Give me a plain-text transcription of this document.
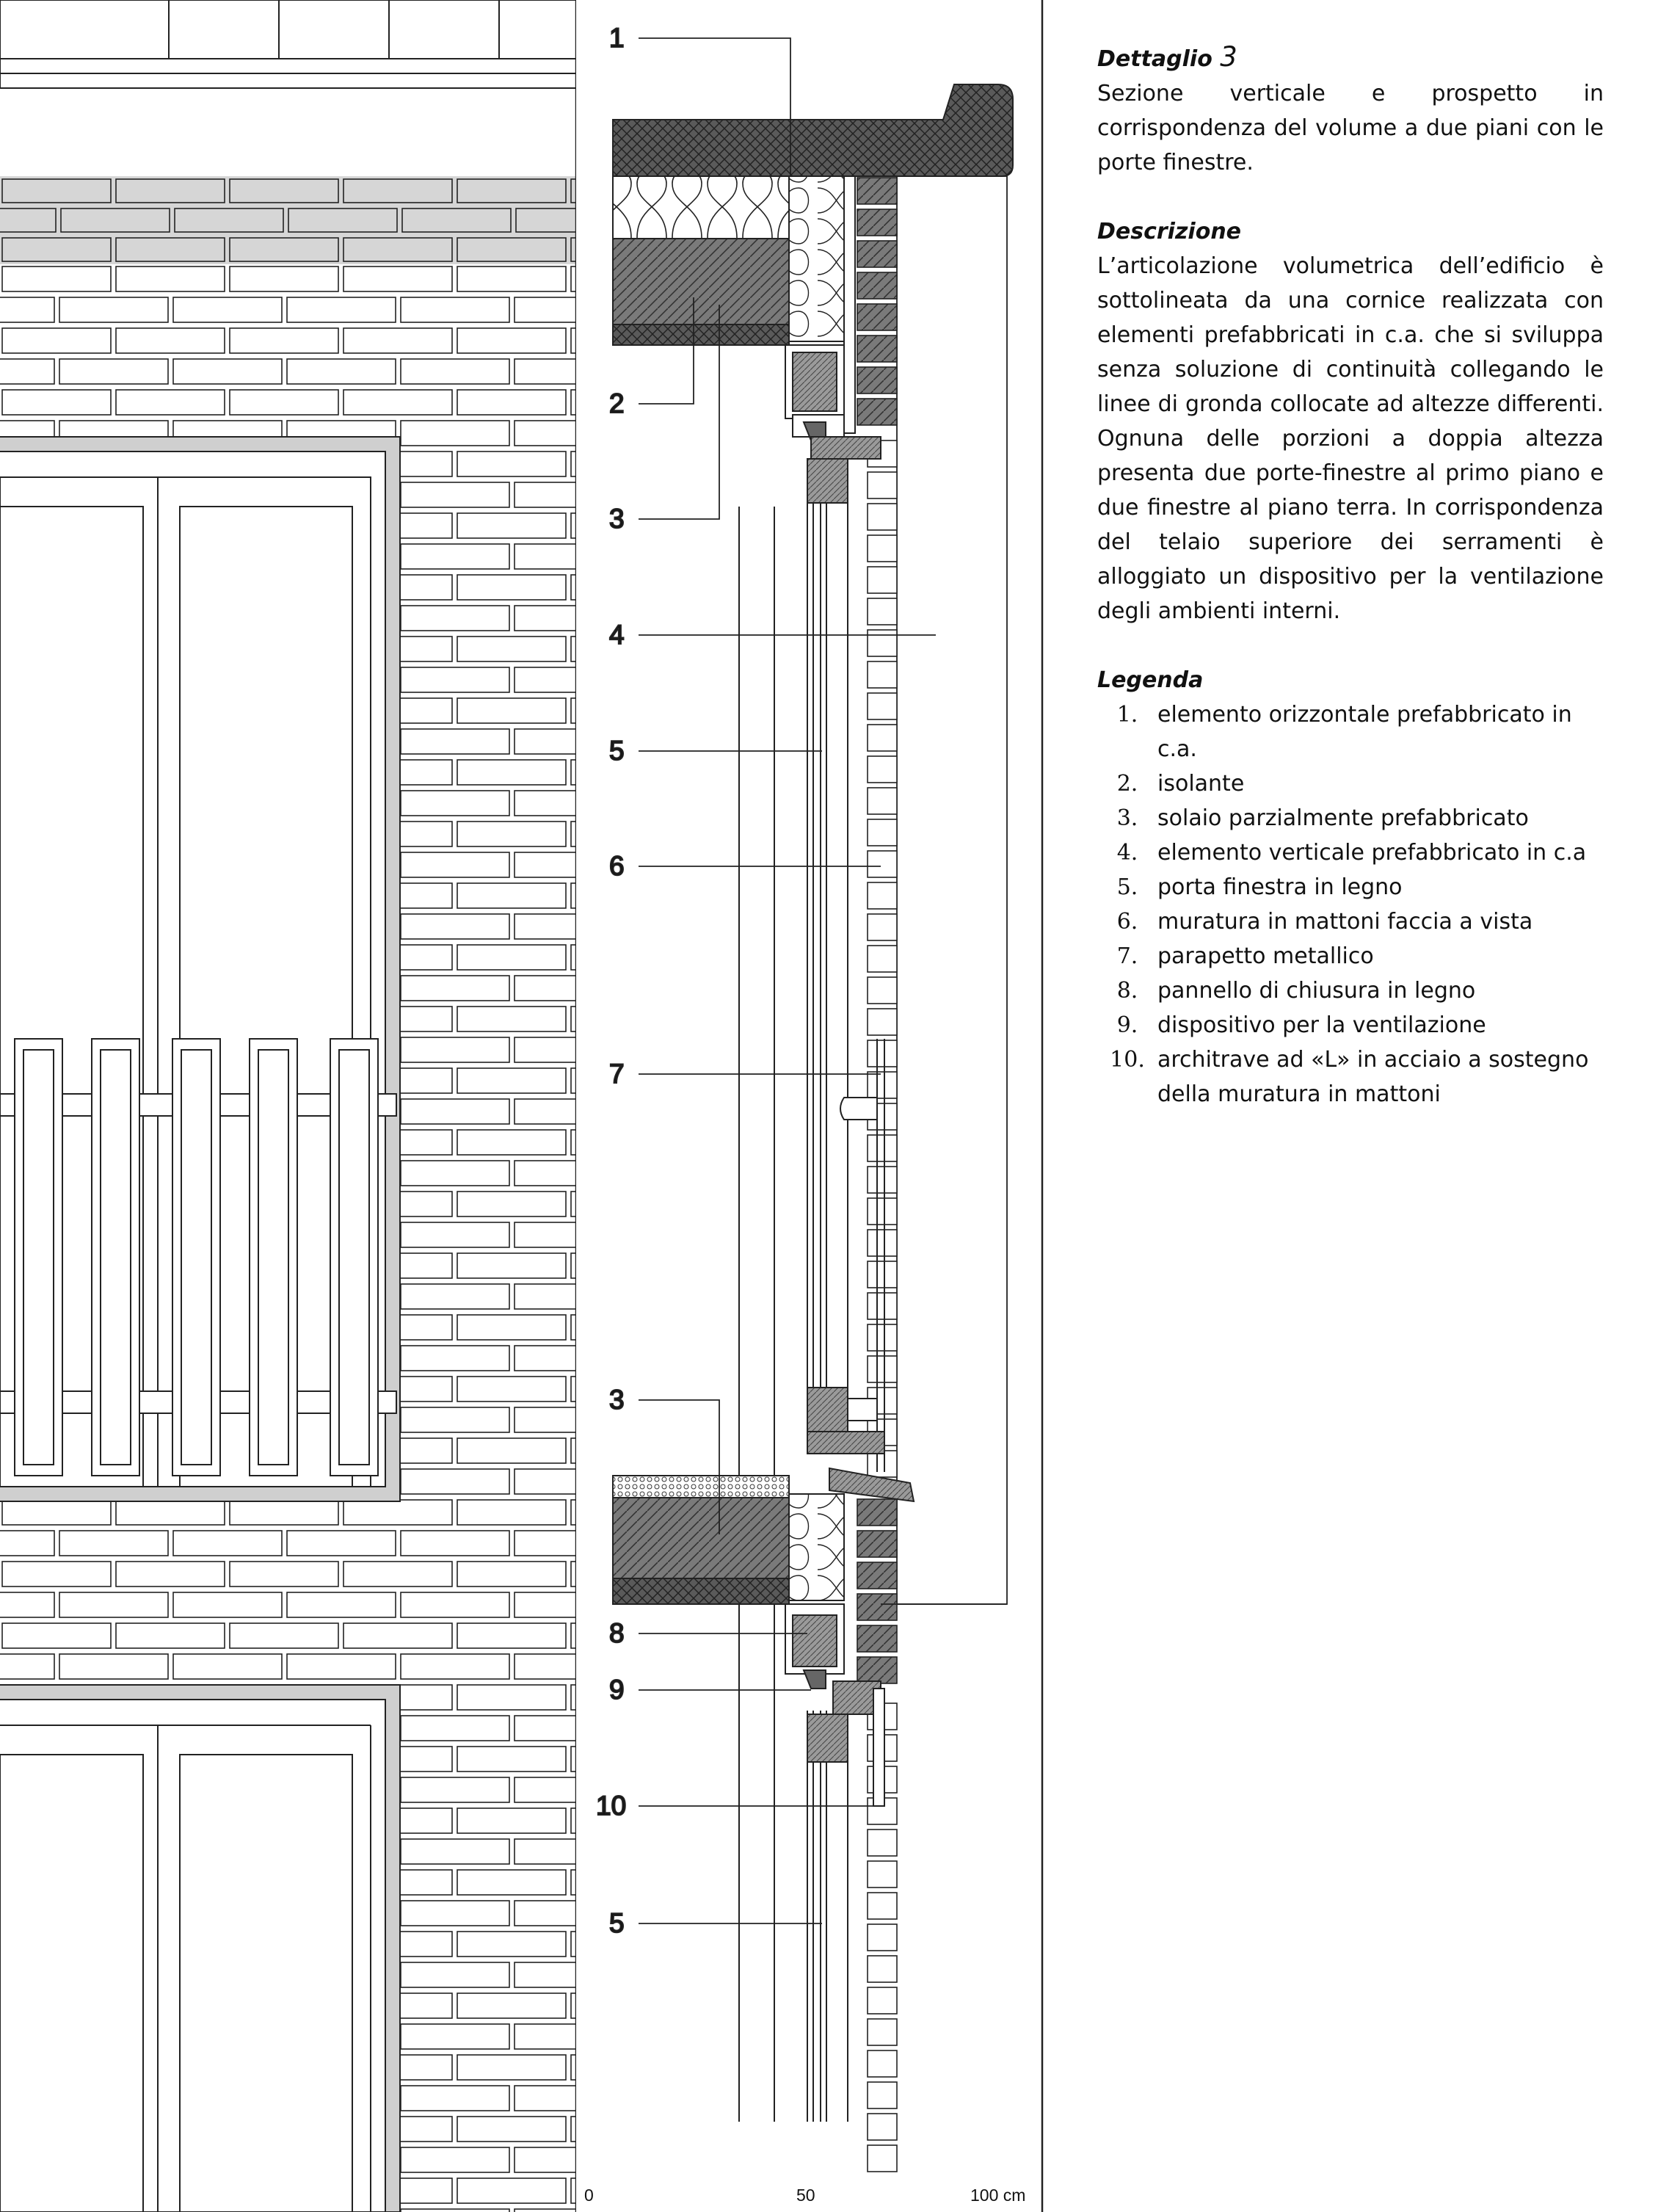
1
2
3
4
5
6
7
3
8
9
10
5
0	50	100 cm

Dettaglio 3

Sezione verticale e prospetto in corrispondenza del volume a due piani con le porte finestre.

Descrizione

L’articolazione volumetrica dell’edificio è sottolineata da una cornice realizzata con elementi prefabbricati in c.a. che si sviluppa senza soluzione di continuità collegando le linee di gronda collocate ad altezze differenti. Ognuna delle porzioni a doppia altezza presenta due porte-finestre al primo piano e due finestre al piano terra. In corrispondenza del telaio superiore dei serramenti è alloggiato un dispositivo per la ventilazione degli ambienti interni.

Legenda

1. elemento orizzontale prefabbricato in c.a.
2. isolante
3. solaio parzialmente prefabbricato
4. elemento verticale prefabbricato in c.a
5. porta finestra in legno
6. muratura in mattoni faccia a vista
7. parapetto metallico
8. pannello di chiusura in legno
9. dispositivo per la ventilazione
10. architrave ad «L» in acciaio a sostegno della muratura in mattoni
